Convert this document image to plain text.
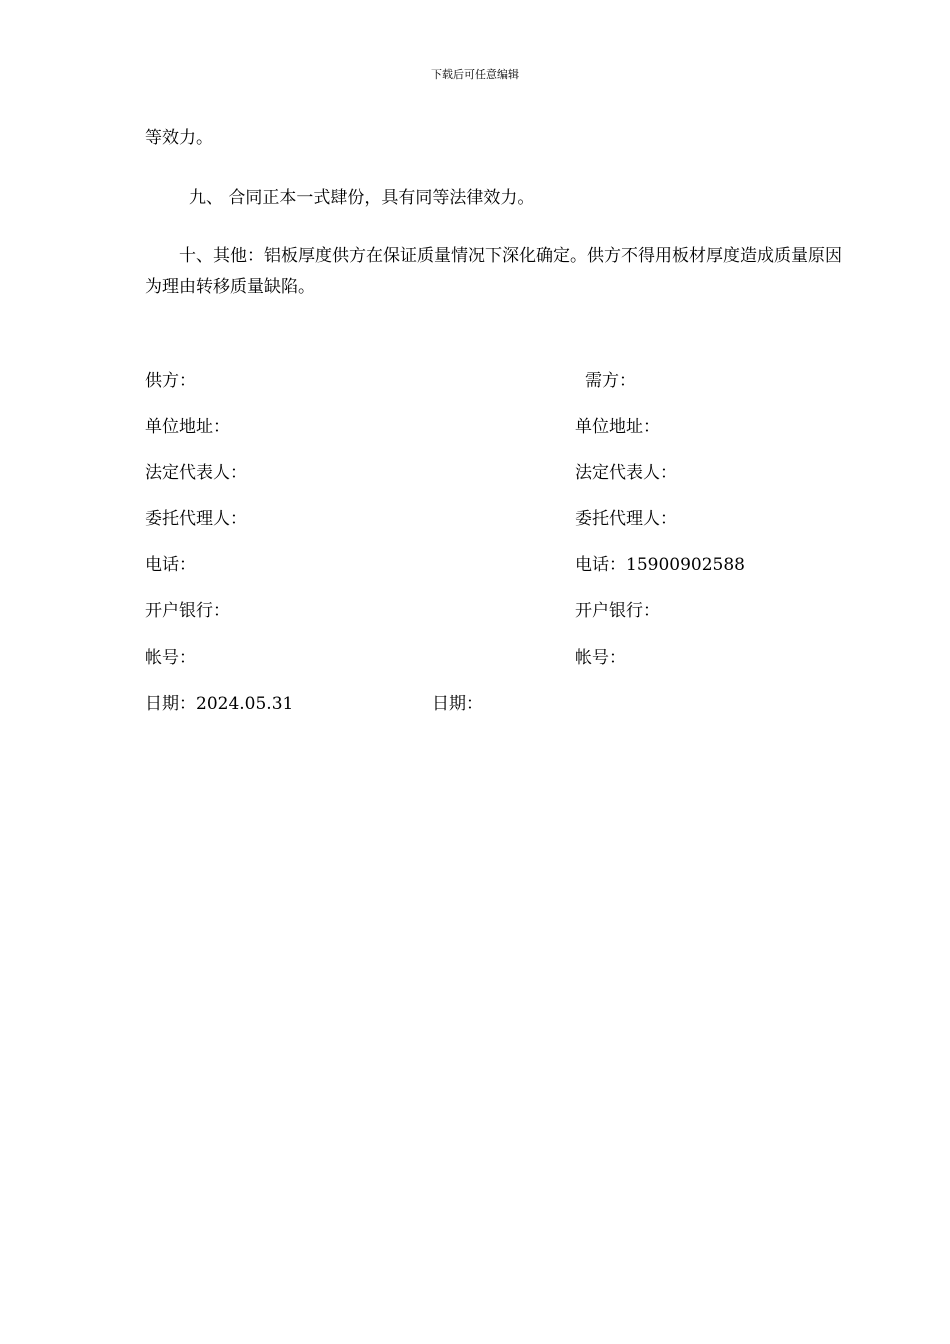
下载后可任意编辑
等效力。
九、 合同正本一式肆份，具有同等法律效力。
十、其他：铝板厚度供方在保证质量情况下深化确定。供方不得用板材厚度造成质量原因为理由转移质量缺陷。
供方：
单位地址：
法定代表人：
委托代理人：
电话：
开户银行：
帐号：
日期：2024.05.31
需方：
单位地址：
法定代表人：
委托代理人：
电话：15900902588
开户银行：
帐号：
日期：
